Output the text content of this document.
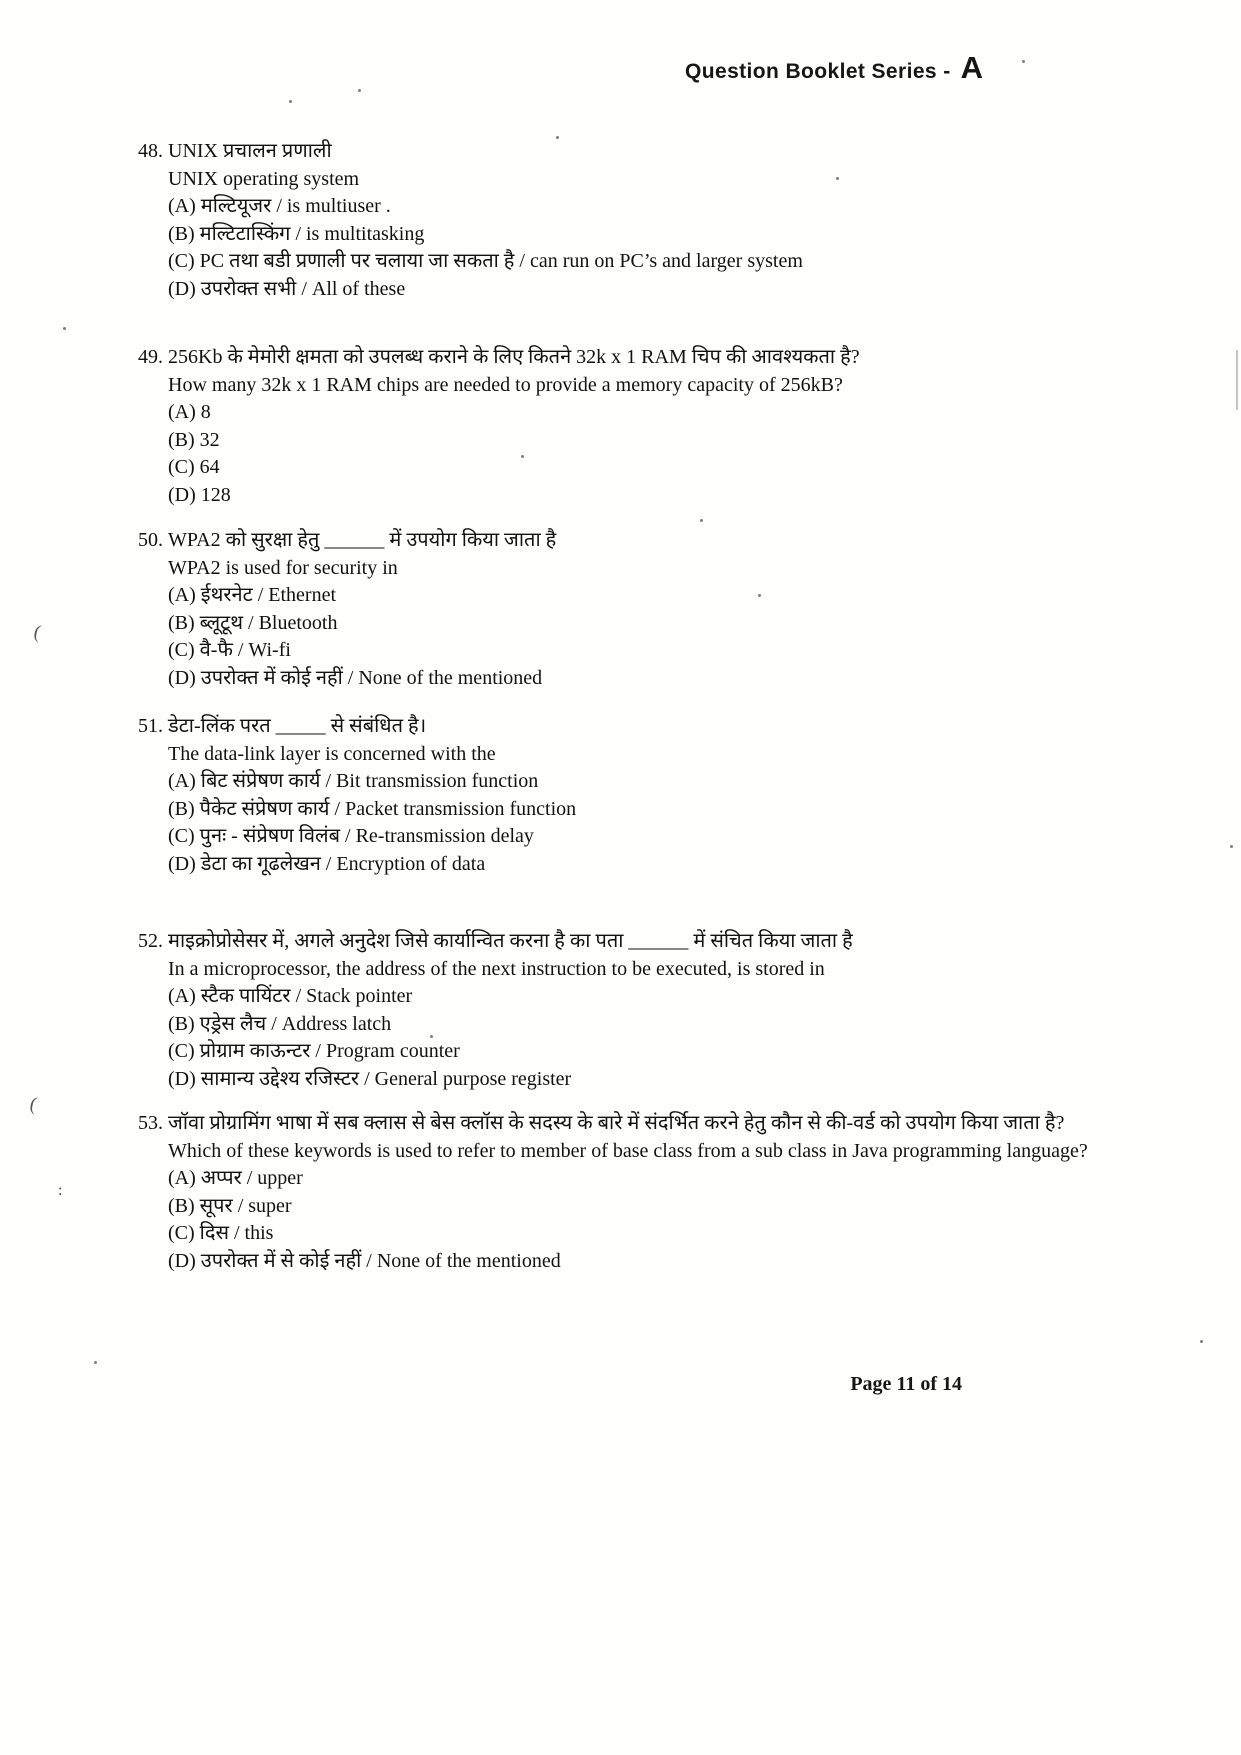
Question Booklet Series - A
48. UNIX प्रचालन प्रणाली
UNIX operating system
(A) मल्टियूजर / is multiuser .
(B) मल्टिटास्किंग / is multitasking
(C) PC तथा बडी प्रणाली पर चलाया जा सकता है / can run on PC’s and larger system
(D) उपरोक्त सभी / All of these
49. 256Kb के मेमोरी क्षमता को उपलब्ध कराने के लिए कितने 32k x 1 RAM चिप की आवश्यकता है?
How many 32k x 1 RAM chips are needed to provide a memory capacity of 256kB?
(A) 8
(B) 32
(C) 64
(D) 128
50. WPA2 को सुरक्षा हेतु ______ में उपयोग किया जाता है
WPA2 is used for security in
(A) ईथरनेट / Ethernet
(B) ब्लूटूथ / Bluetooth
(C) वै-फै / Wi-fi
(D) उपरोक्त में कोई नहीं / None of the mentioned
51. डेटा-लिंक परत _____ से संबंधित है।
The data-link layer is concerned with the
(A) बिट संप्रेषण कार्य / Bit transmission function
(B) पैकेट संप्रेषण कार्य / Packet transmission function
(C) पुनः - संप्रेषण विलंब / Re-transmission delay
(D) डेटा का गूढलेखन / Encryption of data
52. माइक्रोप्रोसेसर में, अगले अनुदेश जिसे कार्यान्वित करना है का पता ______ में संचित किया जाता है
In a microprocessor, the address of the next instruction to be executed, is stored in
(A) स्टैक पायिंटर / Stack pointer
(B) एड्रेस लैच / Address latch
(C) प्रोग्राम काऊन्टर / Program counter
(D) सामान्य उद्देश्य रजिस्टर / General purpose register
53. जॉवा प्रोग्रामिंग भाषा में सब क्लास से बेस क्लॉस के सदस्य के बारे में संदर्भित करने हेतु कौन से की-वर्ड को उपयोग किया जाता है?
Which of these keywords is used to refer to member of base class from a sub class in Java programming language?
(A) अप्पर / upper
(B) सूपर / super
(C) दिस / this
(D) उपरोक्त में से कोई नहीं / None of the mentioned
Page 11 of 14
(
(
:
